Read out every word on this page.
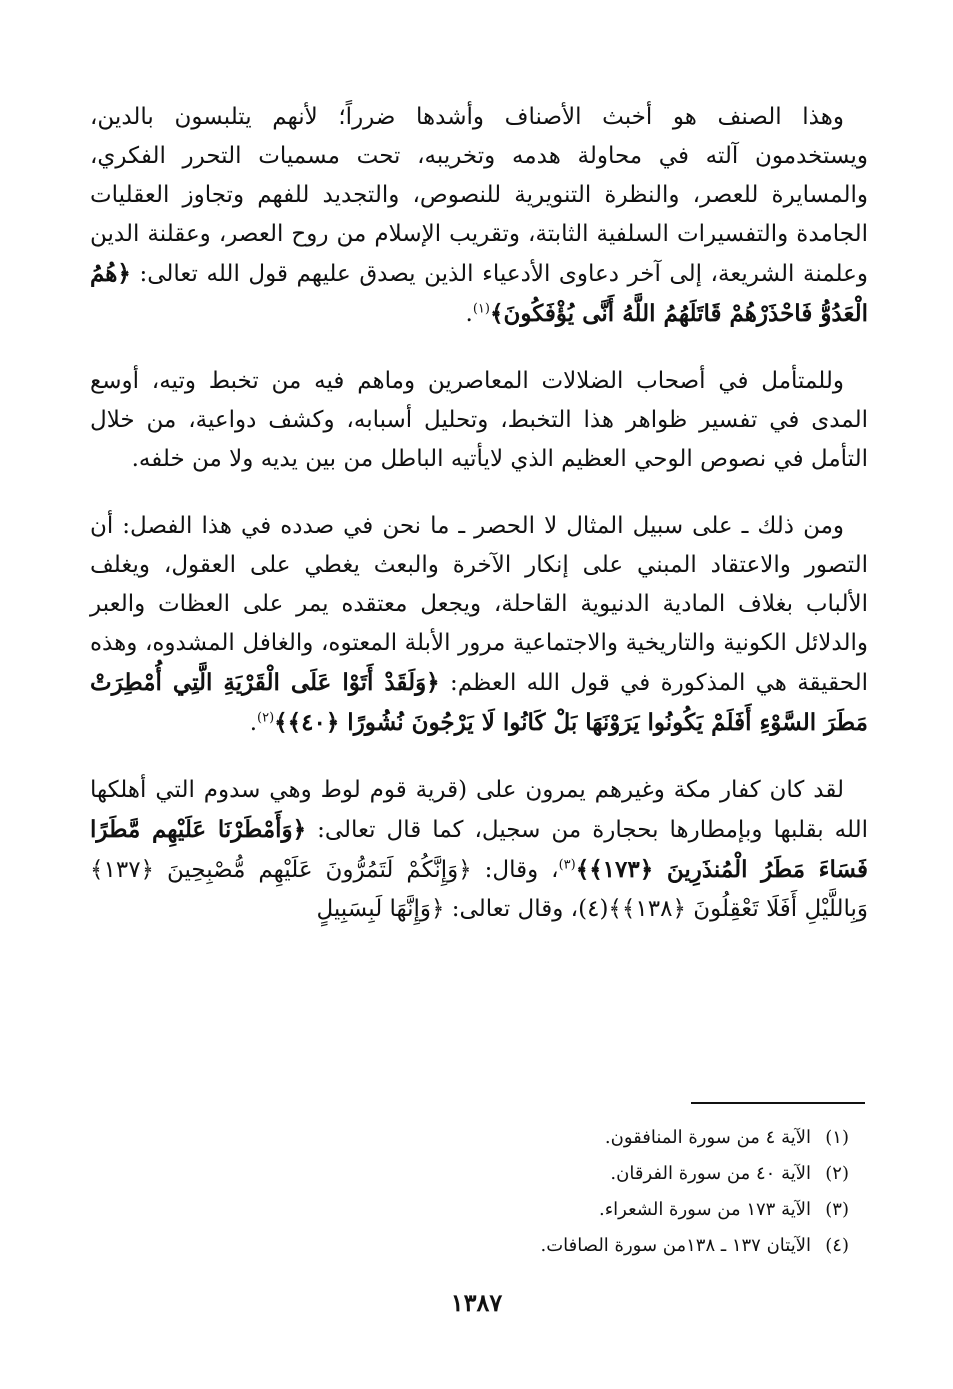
وهذا الصنف هو أخبث الأصناف وأشدها ضرراً؛ لأنهم يتلبسون بالدين، ويستخدمون آلته في محاولة هدمه وتخريبه، تحت مسميات التحرر الفكري، والمسايرة للعصر، والنظرة التنويرية للنصوص، والتجديد للفهم وتجاوز العقليات الجامدة والتفسيرات السلفية الثابتة، وتقريب الإسلام من روح العصر، وعقلنة الدين وعلمنة الشريعة، إلى آخر دعاوى الأدعياء الذين يصدق عليهم قول الله تعالى: ﴿هُمُ الْعَدُوُّ فَاحْذَرْهُمْ قَاتَلَهُمُ اللَّهُ أَنَّى يُؤْفَكُونَ﴾$^{(١)}$.

وللمتأمل في أصحاب الضلالات المعاصرين وماهم فيه من تخبط وتيه، أوسع المدى في تفسير ظواهر هذا التخبط، وتحليل أسبابه، وكشف دواعية، من خلال التأمل في نصوص الوحي العظيم الذي لايأتيه الباطل من بين يديه ولا من خلفه.

ومن ذلك ـ على سبيل المثال لا الحصر ـ ما نحن في صدده في هذا الفصل: أن التصور والاعتقاد المبني على إنكار الآخرة والبعث يغطي على العقول، ويغلف الألباب بغلاف المادية الدنيوية القاحلة، ويجعل معتقده يمر على العظات والعبر والدلائل الكونية والتاريخية والاجتماعية مرور الأبلة المعتوه، والغافل المشدوه، وهذه الحقيقة هي المذكورة في قول الله العظم: ﴿وَلَقَدْ أَتَوْا عَلَى الْقَرْيَةِ الَّتِي أُمْطِرَتْ مَطَرَ السَّوْءِ أَفَلَمْ يَكُونُوا يَرَوْنَهَا بَلْ كَانُوا لَا يَرْجُونَ نُشُورًا ﴿٤٠﴾﴾$^{(٢)}$.

لقد كان كفار مكة وغيرهم يمرون على (قرية قوم لوط وهي سدوم التي أهلكها الله بقلبها وبإمطارها بحجارة من سجيل، كما قال تعالى: ﴿وَأَمْطَرْنَا عَلَيْهِم مَّطَرًا فَسَاءَ مَطَرُ الْمُنذَرِينَ ﴿١٧٣﴾﴾$^{(٣)}$، وقال: ﴿وَإِنَّكُمْ لَتَمُرُّونَ عَلَيْهِم مُّصْبِحِينَ ﴿١٣٧﴾ وَبِاللَّيْلِ أَفَلَا تَعْقِلُونَ ﴿١٣٨﴾﴾(٤)، وقال تعالى: ﴿وَإِنَّهَا لَبِسَبِيلٍ

(١)الآية ٤ من سورة المنافقون.
(٢)الآية ٤٠ من سورة الفرقان.
(٣)الآية ١٧٣ من سورة الشعراء.
(٤)الآيتان ١٣٧ ـ ١٣٨من سورة الصافات.
١٣٨٧
